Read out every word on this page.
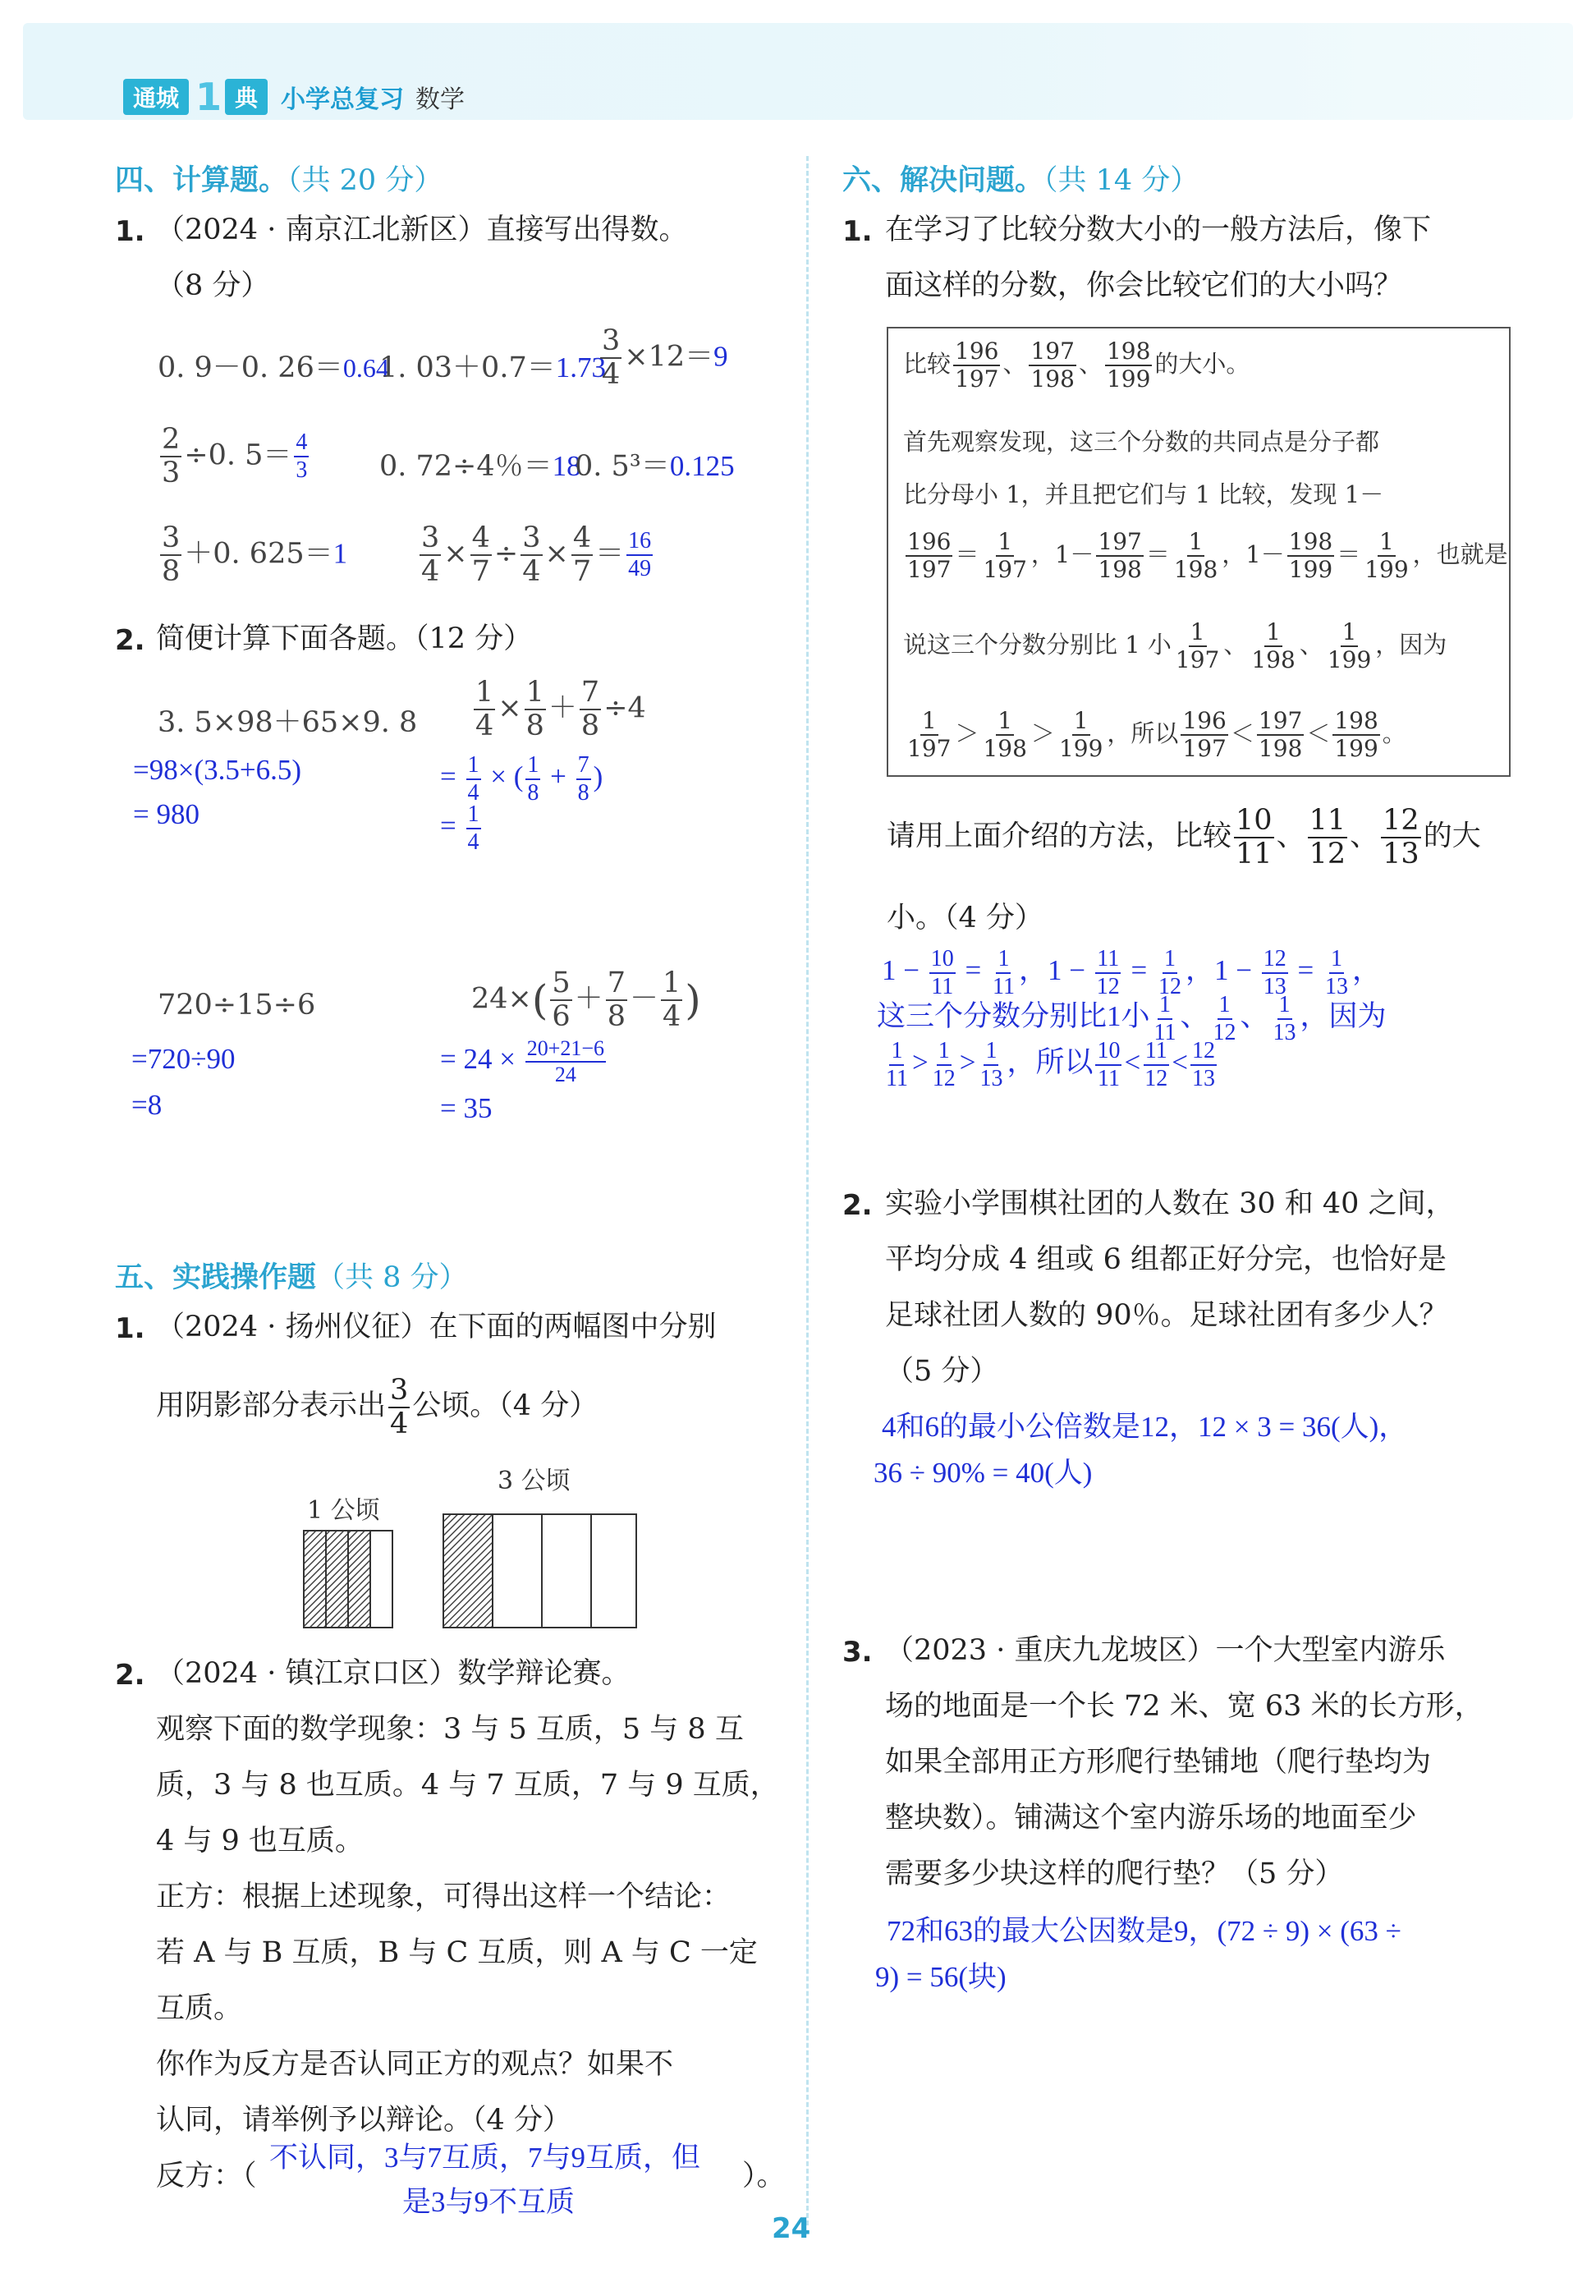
通城 1 典 小学总复习 数学
四、计算题。（共 20 分）
1. （2024 · 南京江北新区）直接写出得数。
（8 分）
0. 9－0. 26＝0.64
1. 03＋0.7＝1.73
$\frac{3}{4} \times 12=9$
$\frac{2}{3} \div 0$. $5= \frac{4}{3} 0$. 72÷4％＝18
0. 5³＝0.125
$\frac{3}{8} +0$. 625＝1	$\frac{3}{4} \times \frac{4}{7} \div \frac{3}{4} \times \frac{4}{7} = \frac{16}{49}$
2. 简便计算下面各题。（12 分）
3. 5×98＋65×9. 8
=98×(3.5+6.5)
= 980
$\frac{1}{4} \times \frac{1}{8} + \frac{7}{8} \div 4$
= $\frac{1}{4}$ × ( $\frac{1}{8} + \frac{7}{8}$ )
= $\frac{1}{4}$
720÷15÷6
=720÷90
=8
$24\times( \frac{5}{6} + \frac{7}{8} - \frac{1}{4}$ )
= $24 \times \frac{20+21-6}{24}$
= 35
五、实践操作题（共 8 分）
1. （2024 · 扬州仪征）在下面的两幅图中分别
用阴影部分表示出 $\frac{3}{4}$ 公顷。（4 分）
1 公顷
3 公顷
2. （2024 · 镇江京口区）数学辩论赛。
观察下面的数学现象：3 与 5 互质，5 与 8 互
质，3 与 8 也互质。4 与 7 互质，7 与 9 互质，
4 与 9 也互质。
正方：根据上述现象，可得出这样一个结论：
若 A 与 B 互质，B 与 C 互质，则 A 与 C 一定
互质。
你作为反方是否认同正方的观点？如果不
认同，请举例予以辩论。（4 分）
反方：（
不认同，3与7互质，7与9互质，但
）。
是3与9不互质
六、解决问题。（共 14 分）
1. 在学习了比较分数大小的一般方法后，像下
面这样的分数，你会比较它们的大小吗？
比较 $\frac{196}{197}$ 、 $\frac{197}{198}$ 、 $\frac{198}{199}$ 的大小。
首先观察发现，这三个分数的共同点是分子都
比分母小 1，并且把它们与 1 比较，发现 1－
$\frac{196}{197} = \frac{1}{197}$ ，$1- \frac{197}{198} = \frac{1}{198}$ ，$1- \frac{198}{199} = \frac{1}{199}$ ，也就是
说这三个分数分别比 1 小 $\frac{1}{197}$ 、 $\frac{1}{198}$ 、 $\frac{1}{199}$ ，因为
$\frac{1}{197} > \frac{1}{198} > \frac{1}{199}$ ，所以 $\frac{196}{197} < \frac{197}{198} < \frac{198}{199}$ 。
请用上面介绍的方法，比较 $\frac{10}{11}$ 、 $\frac{11}{12}$ 、 $\frac{12}{13}$ 的大
小。（4 分）
$1 - \frac{10}{11} = \frac{1}{11}$ ，$1 - \frac{11}{12} = \frac{1}{12}$ ，$1 - \frac{12}{13} = \frac{1}{13}$ ，
这三个分数分别比1小 $\frac{1}{11}$ 、 $\frac{1}{12}$ 、 $\frac{1}{13}$ ，因为
$\frac{1}{11} > \frac{1}{12} > \frac{1}{13}$ ，所以 $\frac{10}{11} < \frac{11}{12} < \frac{12}{13}$
2. 实验小学围棋社团的人数在 30 和 40 之间，
平均分成 4 组或 6 组都正好分完，也恰好是
足球社团人数的 90％。足球社团有多少人？
（5 分）
4和6的最小公倍数是12，12 × 3 = 36(人)，
36 ÷ 90% = 40(人)
3. （2023 · 重庆九龙坡区）一个大型室内游乐
场的地面是一个长 72 米、宽 63 米的长方形，
如果全部用正方形爬行垫铺地（爬行垫均为
整块数）。铺满这个室内游乐场的地面至少
需要多少块这样的爬行垫？（5 分）
72和63的最大公因数是9，(72 ÷ 9) × (63 ÷
9) = 56(块)
24
